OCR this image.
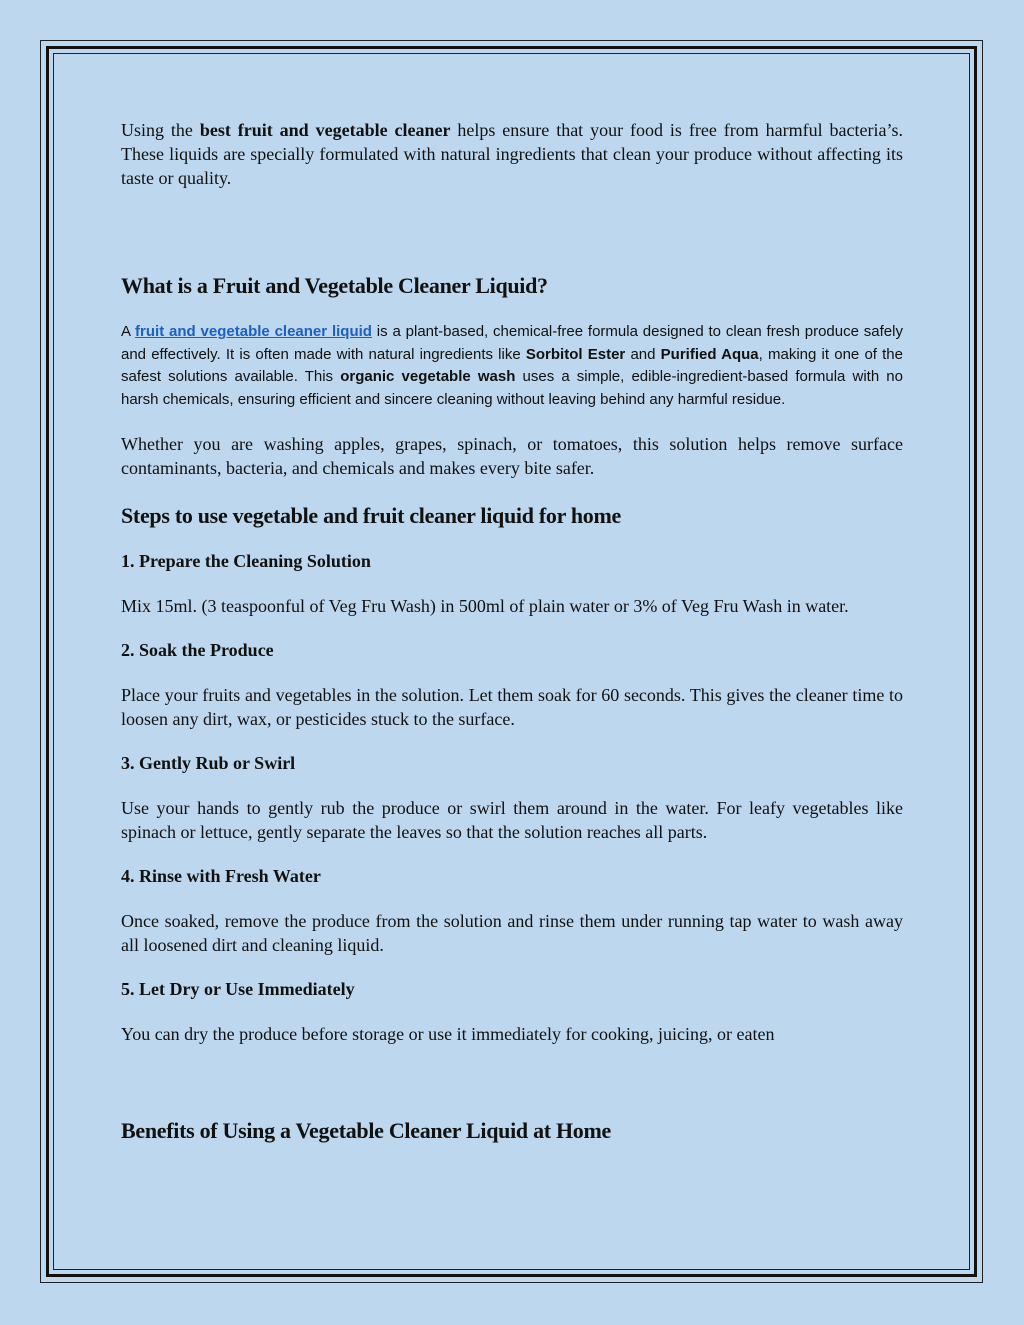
Using the best fruit and vegetable cleaner helps ensure that your food is free from harmful bacteria’s. These liquids are specially formulated with natural ingredients that clean your produce without affecting its taste or quality.

What is a Fruit and Vegetable Cleaner Liquid?

A fruit and vegetable cleaner liquid is a plant-based, chemical-free formula designed to clean fresh produce safely and effectively. It is often made with natural ingredients like Sorbitol Ester and Purified Aqua, making it one of the safest solutions available. This organic vegetable wash uses a simple, edible-ingredient-based formula with no harsh chemicals, ensuring efficient and sincere cleaning without leaving behind any harmful residue.

Whether you are washing apples, grapes, spinach, or tomatoes, this solution helps remove surface contaminants, bacteria, and chemicals and makes every bite safer.

Steps to use vegetable and fruit cleaner liquid for home
1. Prepare the Cleaning Solution

Mix 15ml. (3 teaspoonful of Veg Fru Wash) in 500ml of plain water or 3% of Veg Fru Wash in water.

2. Soak the Produce

Place your fruits and vegetables in the solution. Let them soak for 60 seconds. This gives the cleaner time to loosen any dirt, wax, or pesticides stuck to the surface.

3. Gently Rub or Swirl

Use your hands to gently rub the produce or swirl them around in the water. For leafy vegetables like spinach or lettuce, gently separate the leaves so that the solution reaches all parts.

4. Rinse with Fresh Water

Once soaked, remove the produce from the solution and rinse them under running tap water to wash away all loosened dirt and cleaning liquid.

5. Let Dry or Use Immediately

You can dry the produce before storage or use it immediately for cooking, juicing, or eaten

Benefits of Using a Vegetable Cleaner Liquid at Home
